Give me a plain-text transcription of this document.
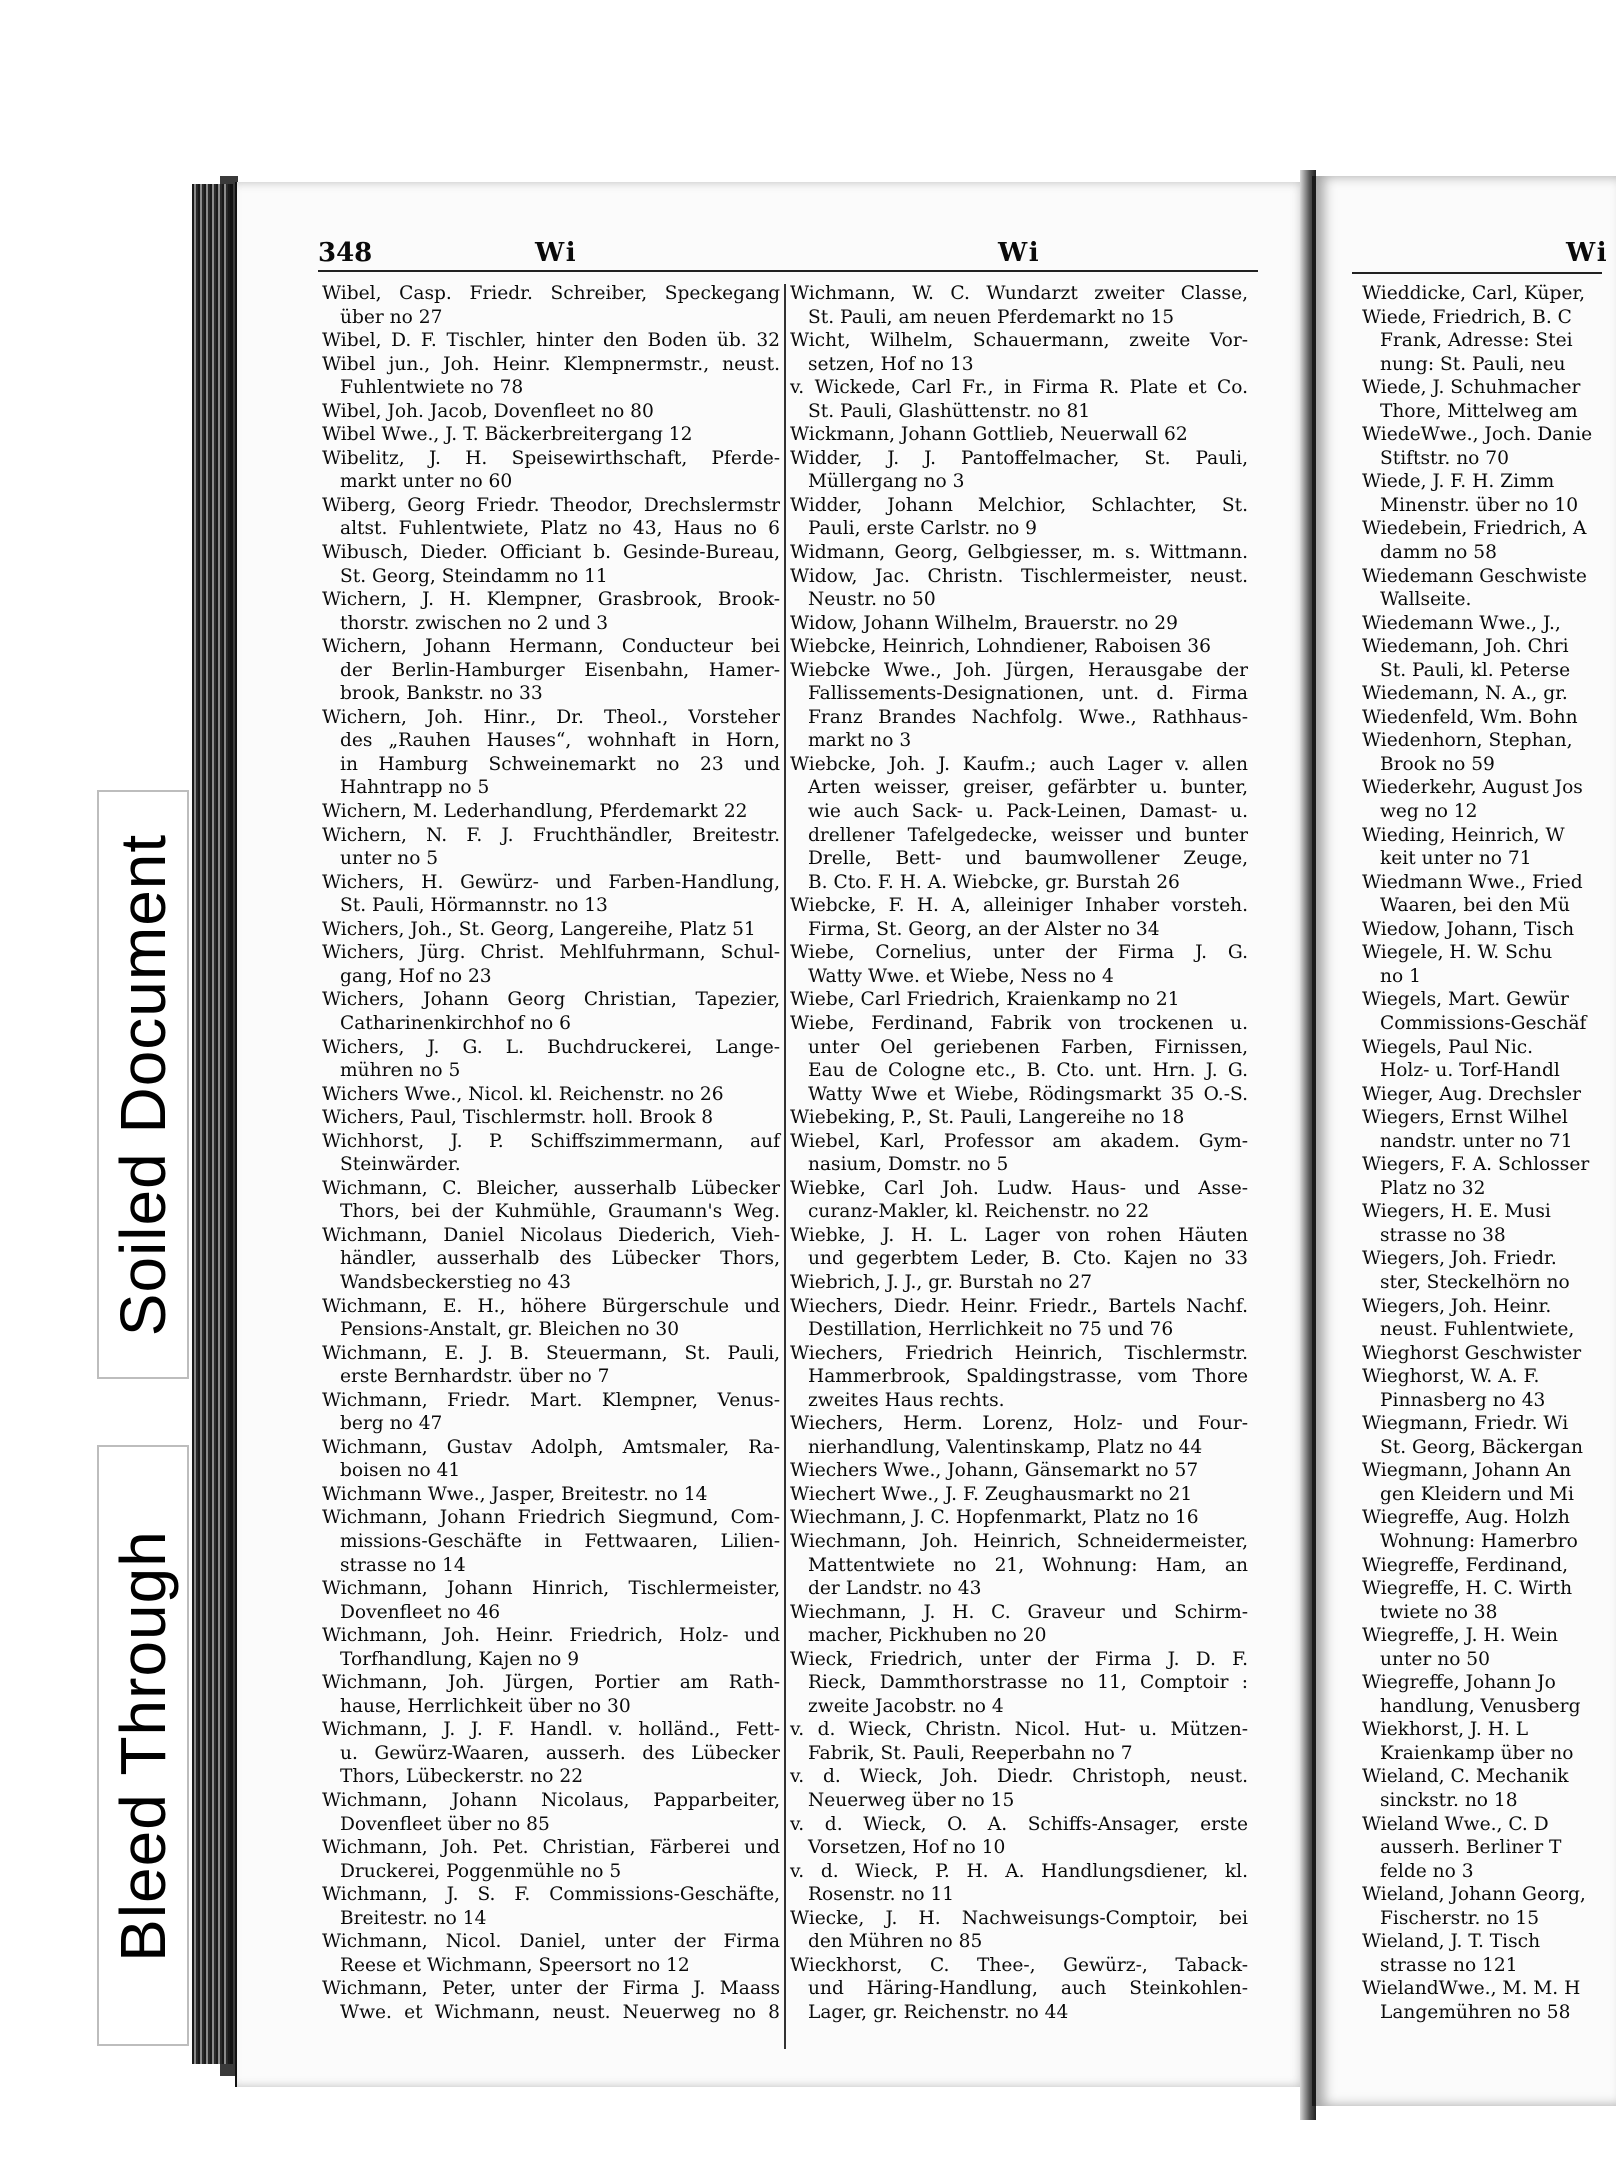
348	Wi	Wi	Wi
Wibel, Casp. Friedr. Schreiber, Speckegang
über no 27
Wibel, D. F. Tischler, hinter den Boden üb. 32
Wibel jun., Joh. Heinr. Klempnermstr., neust.
Fuhlentwiete no 78
Wibel, Joh. Jacob, Dovenfleet no 80
Wibel Wwe., J. T. Bäckerbreitergang 12
Wibelitz, J. H. Speisewirthschaft, Pferde-
markt unter no 60
Wiberg, Georg Friedr. Theodor, Drechslermstr
altst. Fuhlentwiete, Platz no 43, Haus no 6
Wibusch, Dieder. Officiant b. Gesinde-Bureau,
St. Georg, Steindamm no 11
Wichern, J. H. Klempner, Grasbrook, Brook-
thorstr. zwischen no 2 und 3
Wichern, Johann Hermann, Conducteur bei
der Berlin-Hamburger Eisenbahn, Hamer-
brook, Bankstr. no 33
Wichern, Joh. Hinr., Dr. Theol., Vorsteher
des „Rauhen Hauses“, wohnhaft in Horn,
in Hamburg Schweinemarkt no 23 und
Hahntrapp no 5
Wichern, M. Lederhandlung, Pferdemarkt 22
Wichern, N. F. J. Fruchthändler, Breitestr.
unter no 5
Wichers, H. Gewürz- und Farben-Handlung,
St. Pauli, Hörmannstr. no 13
Wichers, Joh., St. Georg, Langereihe, Platz 51
Wichers, Jürg. Christ. Mehlfuhrmann, Schul-
gang, Hof no 23
Wichers, Johann Georg Christian, Tapezier,
Catharinenkirchhof no 6
Wichers, J. G. L. Buchdruckerei, Lange-
mühren no 5
Wichers Wwe., Nicol. kl. Reichenstr. no 26
Wichers, Paul, Tischlermstr. holl. Brook 8
Wichhorst, J. P. Schiffszimmermann, auf
Steinwärder.
Wichmann, C. Bleicher, ausserhalb Lübecker
Thors, bei der Kuhmühle, Graumann's Weg.
Wichmann, Daniel Nicolaus Diederich, Vieh-
händler, ausserhalb des Lübecker Thors,
Wandsbeckerstieg no 43
Wichmann, E. H., höhere Bürgerschule und
Pensions-Anstalt, gr. Bleichen no 30
Wichmann, E. J. B. Steuermann, St. Pauli,
erste Bernhardstr. über no 7
Wichmann, Friedr. Mart. Klempner, Venus-
berg no 47
Wichmann, Gustav Adolph, Amtsmaler, Ra-
boisen no 41
Wichmann Wwe., Jasper, Breitestr. no 14
Wichmann, Johann Friedrich Siegmund, Com-
missions-Geschäfte in Fettwaaren, Lilien-
strasse no 14
Wichmann, Johann Hinrich, Tischlermeister,
Dovenfleet no 46
Wichmann, Joh. Heinr. Friedrich, Holz- und
Torfhandlung, Kajen no 9
Wichmann, Joh. Jürgen, Portier am Rath-
hause, Herrlichkeit über no 30
Wichmann, J. J. F. Handl. v. holländ., Fett-
u. Gewürz-Waaren, ausserh. des Lübecker
Thors, Lübeckerstr. no 22
Wichmann, Johann Nicolaus, Papparbeiter,
Dovenfleet über no 85
Wichmann, Joh. Pet. Christian, Färberei und
Druckerei, Poggenmühle no 5
Wichmann, J. S. F. Commissions-Geschäfte,
Breitestr. no 14
Wichmann, Nicol. Daniel, unter der Firma
Reese et Wichmann, Speersort no 12
Wichmann, Peter, unter der Firma J. Maass
Wwe. et Wichmann, neust. Neuerweg no 8
Wichmann, W. C. Wundarzt zweiter Classe,
St. Pauli, am neuen Pferdemarkt no 15
Wicht, Wilhelm, Schauermann, zweite Vor-
setzen, Hof no 13
v. Wickede, Carl Fr., in Firma R. Plate et Co.
St. Pauli, Glashüttenstr. no 81
Wickmann, Johann Gottlieb, Neuerwall 62
Widder, J. J. Pantoffelmacher, St. Pauli,
Müllergang no 3
Widder, Johann Melchior, Schlachter, St.
Pauli, erste Carlstr. no 9
Widmann, Georg, Gelbgiesser, m. s. Wittmann.
Widow, Jac. Christn. Tischlermeister, neust.
Neustr. no 50
Widow, Johann Wilhelm, Brauerstr. no 29
Wiebcke, Heinrich, Lohndiener, Raboisen 36
Wiebcke Wwe., Joh. Jürgen, Herausgabe der
Fallissements-Designationen, unt. d. Firma
Franz Brandes Nachfolg. Wwe., Rathhaus-
markt no 3
Wiebcke, Joh. J. Kaufm.; auch Lager v. allen
Arten weisser, greiser, gefärbter u. bunter,
wie auch Sack- u. Pack-Leinen, Damast- u.
drellener Tafelgedecke, weisser und bunter
Drelle, Bett- und baumwollener Zeuge,
B. Cto. F. H. A. Wiebcke, gr. Burstah 26
Wiebcke, F. H. A, alleiniger Inhaber vorsteh.
Firma, St. Georg, an der Alster no 34
Wiebe, Cornelius, unter der Firma J. G.
Watty Wwe. et Wiebe, Ness no 4
Wiebe, Carl Friedrich, Kraienkamp no 21
Wiebe, Ferdinand, Fabrik von trockenen u.
unter Oel geriebenen Farben, Firnissen,
Eau de Cologne etc., B. Cto. unt. Hrn. J. G.
Watty Wwe et Wiebe, Rödingsmarkt 35 O.-S.
Wiebeking, P., St. Pauli, Langereihe no 18
Wiebel, Karl, Professor am akadem. Gym-
nasium, Domstr. no 5
Wiebke, Carl Joh. Ludw. Haus- und Asse-
curanz-Makler, kl. Reichenstr. no 22
Wiebke, J. H. L. Lager von rohen Häuten
und gegerbtem Leder, B. Cto. Kajen no 33
Wiebrich, J. J., gr. Burstah no 27
Wiechers, Diedr. Heinr. Friedr., Bartels Nachf.
Destillation, Herrlichkeit no 75 und 76
Wiechers, Friedrich Heinrich, Tischlermstr.
Hammerbrook, Spaldingstrasse, vom Thore
zweites Haus rechts.
Wiechers, Herm. Lorenz, Holz- und Four-
nierhandlung, Valentinskamp, Platz no 44
Wiechers Wwe., Johann, Gänsemarkt no 57
Wiechert Wwe., J. F. Zeughausmarkt no 21
Wiechmann, J. C. Hopfenmarkt, Platz no 16
Wiechmann, Joh. Heinrich, Schneidermeister,
Mattentwiete no 21, Wohnung: Ham, an
der Landstr. no 43
Wiechmann, J. H. C. Graveur und Schirm-
macher, Pickhuben no 20
Wieck, Friedrich, unter der Firma J. D. F.
Rieck, Dammthorstrasse no 11, Comptoir :
zweite Jacobstr. no 4
v. d. Wieck, Christn. Nicol. Hut- u. Mützen-
Fabrik, St. Pauli, Reeperbahn no 7
v. d. Wieck, Joh. Diedr. Christoph, neust.
Neuerweg über no 15
v. d. Wieck, O. A. Schiffs-Ansager, erste
Vorsetzen, Hof no 10
v. d. Wieck, P. H. A. Handlungsdiener, kl.
Rosenstr. no 11
Wiecke, J. H. Nachweisungs-Comptoir, bei
den Mühren no 85
Wieckhorst, C. Thee-, Gewürz-, Taback-
und Häring-Handlung, auch Steinkohlen-
Lager, gr. Reichenstr. no 44
Wieddicke, Carl, Küper,
Wiede, Friedrich, B. C
Frank, Adresse: Stei
nung: St. Pauli, neu
Wiede, J. Schuhmacher
Thore, Mittelweg am
WiedeWwe., Joch. Danie
Stiftstr. no 70
Wiede, J. F. H. Zimm
Minenstr. über no 10
Wiedebein, Friedrich, A
damm no 58
Wiedemann Geschwiste
Wallseite.
Wiedemann Wwe., J.,
Wiedemann, Joh. Chri
St. Pauli, kl. Peterse
Wiedemann, N. A., gr.
Wiedenfeld, Wm. Bohn
Wiedenhorn, Stephan,
Brook no 59
Wiederkehr, August Jos
weg no 12
Wieding, Heinrich, W
keit unter no 71
Wiedmann Wwe., Fried
Waaren, bei den Mü
Wiedow, Johann, Tisch
Wiegele, H. W. Schu
no 1
Wiegels, Mart. Gewür
Commissions-Geschäf
Wiegels, Paul Nic.
Holz- u. Torf-Handl
Wieger, Aug. Drechsler
Wiegers, Ernst Wilhel
nandstr. unter no 71
Wiegers, F. A. Schlosser
Platz no 32
Wiegers, H. E. Musi
strasse no 38
Wiegers, Joh. Friedr.
ster, Steckelhörn no
Wiegers, Joh. Heinr.
neust. Fuhlentwiete,
Wieghorst Geschwister
Wieghorst, W. A. F.
Pinnasberg no 43
Wiegmann, Friedr. Wi
St. Georg, Bäckergan
Wiegmann, Johann An
gen Kleidern und Mi
Wiegreffe, Aug. Holzh
Wohnung: Hamerbro
Wiegreffe, Ferdinand,
Wiegreffe, H. C. Wirth
twiete no 38
Wiegreffe, J. H. Wein
unter no 50
Wiegreffe, Johann Jo
handlung, Venusberg
Wiekhorst, J. H. L
Kraienkamp über no
Wieland, C. Mechanik
sinckstr. no 18
Wieland Wwe., C. D
ausserh. Berliner T
felde no 3
Wieland, Johann Georg,
Fischerstr. no 15
Wieland, J. T. Tisch
strasse no 121
WielandWwe., M. M. H
Langemühren no 58
Soiled Document
Bleed Through
